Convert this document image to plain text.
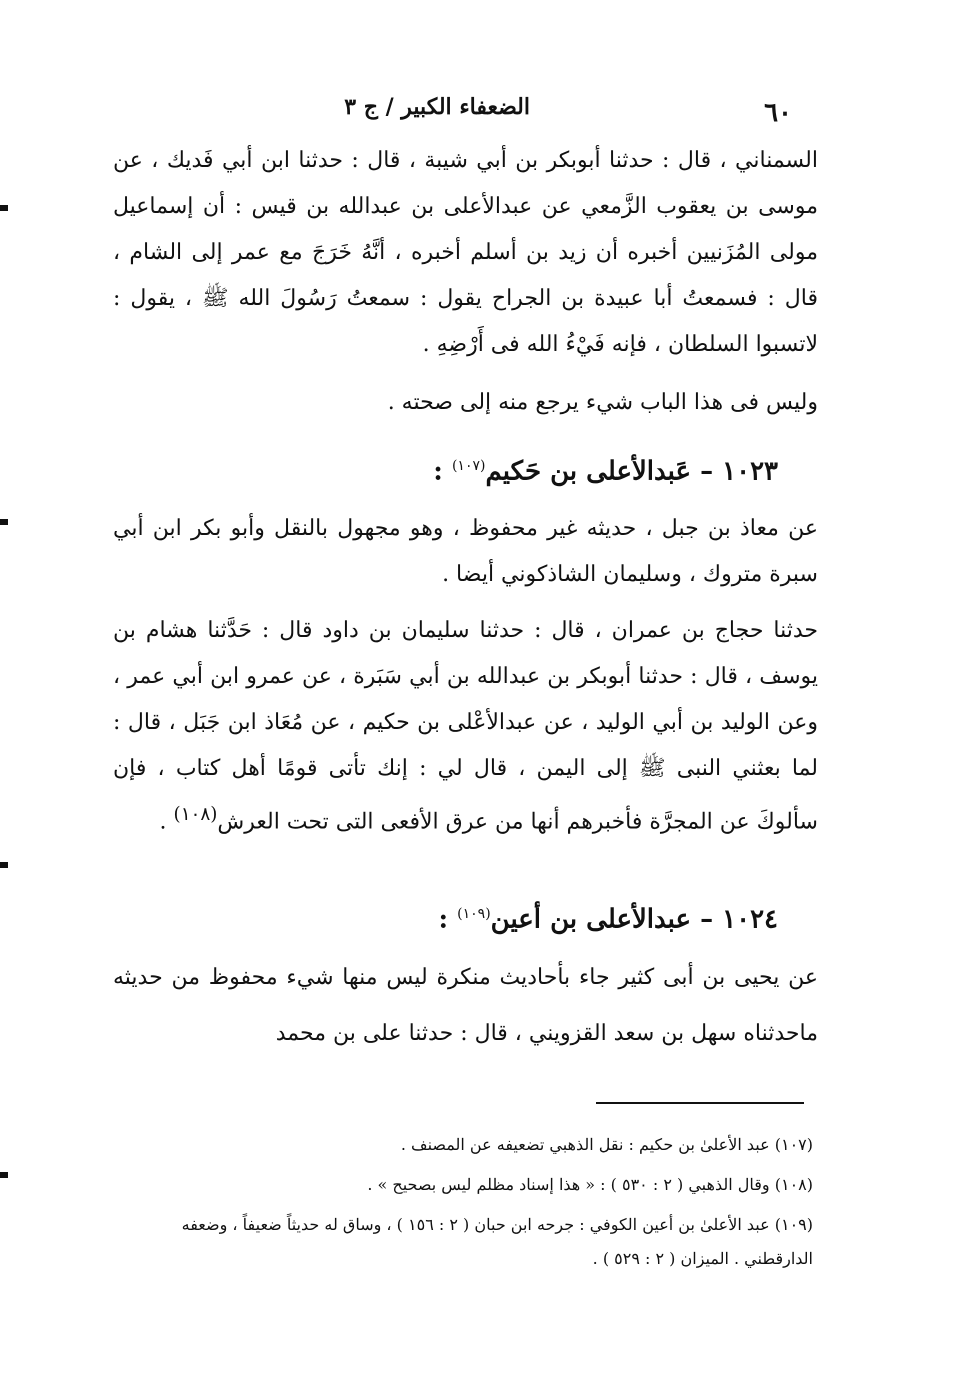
٦٠
الضعفاء الكبير / ج ٣

السمناني ، قال : حدثنا أبوبكر بن أبي شيبة ، قال : حدثنا ابن أبي فَديك ، عن موسى بن يعقوب الزَّمعي عن عبدالأعلى بن عبدالله بن قيس : أن إسماعيل مولى المُزَنيين أخبره أن زيد بن أسلم أخبره ، أنَّهُ خَرَجَ مع عمر إلى الشام ، قال : فسمعتُ أبا عبيدة بن الجراح يقول : سمعتُ رَسُولَ الله ﷺ ، يقول : لاتسبوا السلطان ، فإنه فَيْءُ الله فى أَرْضِهِ .

وليس فى هذا الباب شيء يرجع منه إلى صحته .

١٠٢٣ – عَبدالأعلى بن حَكيم$^{(١٠٧)}$ :

عن معاذ بن جبل ، حديثه غير محفوظ ، وهو مجهول بالنقل وأبو بكر ابن أبي سبرة متروك ، وسليمان الشاذكوني أيضا .

حدثنا حجاج بن عمران ، قال : حدثنا سليمان بن داود قال : حَدَّثنا هشام بن يوسف ، قال : حدثنا أبوبكر بن عبدالله بن أبي سَبَرة ، عن عمرو ابن أبي عمر ، وعن الوليد بن أبي الوليد ، عن عبدالأعْلى بن حكيم ، عن مُعَاذ ابن جَبَل ، قال : لما بعثني النبى ﷺ إلى اليمن ، قال لي : إنك تأتى قومًا أهل كتاب ، فإن سألوكَ عن المجرَّة فأخبرهم أنها من عرق الأفعى التى تحت العرش$^{(١٠٨)}$ .

١٠٢٤ – عبدالأعلى بن أعين$^{(١٠٩)}$ :

عن يحيى بن أبى كثير جاء بأحاديث منكرة ليس منها شيء محفوظ من حديثه ماحدثناه سهل بن سعد القزويني ، قال : حدثنا على بن محمد

(١٠٧) عبد الأعلىٰ بن حكيم : نقل الذهبي تضعيفه عن المصنف .

(١٠٨) وقال الذهبي ( ٢ : ٥٣٠ ) : « هذا إسناد مظلم ليس بصحيح » .

(١٠٩) عبد الأعلىٰ بن أعين الكوفي : جرحه ابن حبان ( ٢ : ١٥٦ ) ، وساق له حديثاً ضعيفاً ، وضعفه الدارقطني . الميزان ( ٢ : ٥٢٩ ) .
